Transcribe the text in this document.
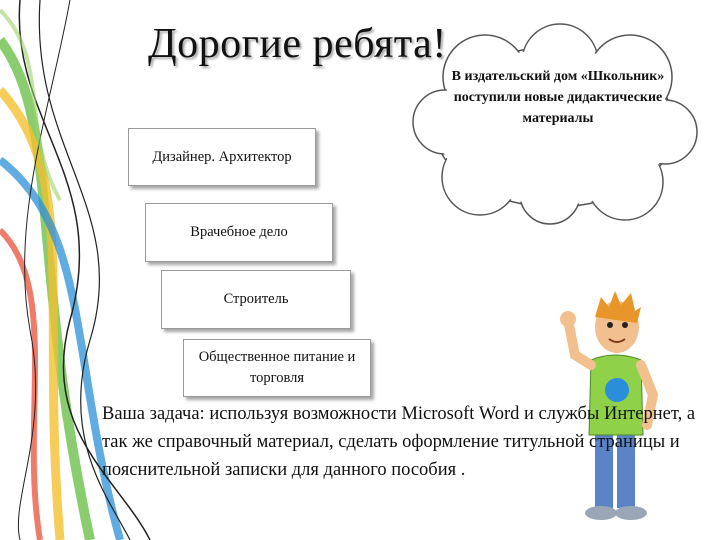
Дорогие ребята!
В издательский дом «Школьник» поступили новые дидактические материалы
Дизайнер. Архитектор
Врачебное дело
Строитель
Общественное питание и торговля
Ваша задача: используя возможности Microsoft Word и службы Интернет, а так же справочный материал, сделать оформление титульной страницы и пояснительной записки для данного пособия .
